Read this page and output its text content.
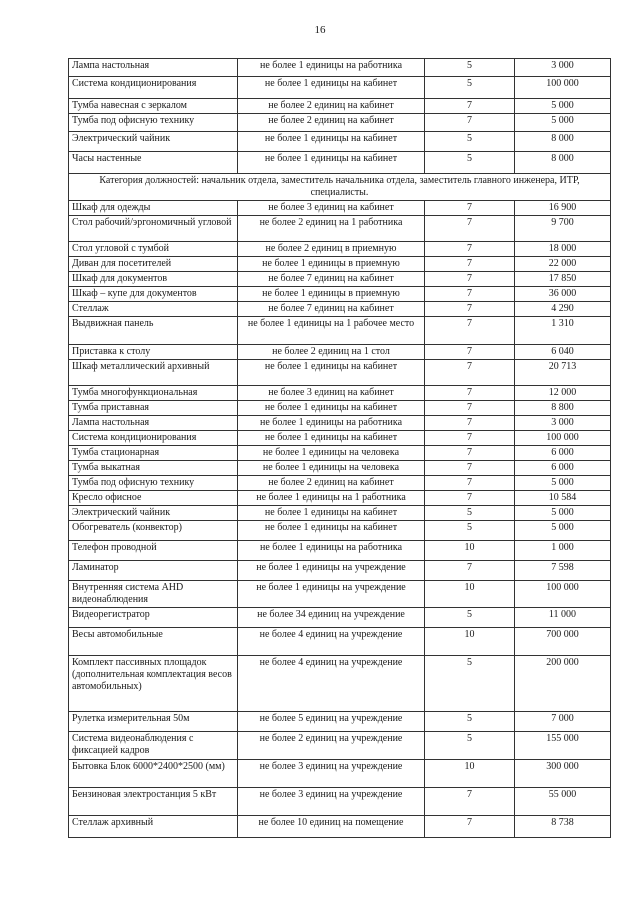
16
Лампа настольная	не более 1 единицы на работника	5	3 000
Система кондиционирования	не более 1 единицы на кабинет	5	100 000
Тумба навесная с зеркалом	не более 2 единиц на кабинет	7	5 000
Тумба под офисную технику	не более 2 единиц на кабинет	7	5 000
Электрический чайник	не более 1 единицы на кабинет	5	8 000
Часы настенные	не более 1 единицы на кабинет	5	8 000
Категория должностей: начальник отдела, заместитель начальника отдела, заместитель главного инженера, ИТР, специалисты.			
Шкаф для одежды	не более 3 единиц на кабинет	7	16 900
Стол рабочий/эргономичный угловой	не более 2 единиц на 1 работника	7	9 700
Стол угловой с тумбой	не более 2 единиц в приемную	7	18 000
Диван для посетителей	не более 1 единицы в приемную	7	22 000
Шкаф для документов	не более 7 единиц на кабинет	7	17 850
Шкаф – купе для документов	не более 1 единицы в приемную	7	36 000
Стеллаж	не более 7 единиц на кабинет	7	4 290
Выдвижная панель	не более 1 единицы на 1 рабочее место	7	1 310
Приставка к столу	не более 2 единиц на 1 стол	7	6 040
Шкаф металлический архивный	не более 1 единицы на кабинет	7	20 713
Тумба многофункциональная	не более 3 единиц на кабинет	7	12 000
Тумба приставная	не более 1 единицы на кабинет	7	8 800
Лампа настольная	не более 1 единицы на работника	7	3 000
Система кондиционирования	не более 1 единицы на кабинет	7	100 000
Тумба стационарная	не более 1 единицы на человека	7	6 000
Тумба выкатная	не более 1 единицы на человека	7	6 000
Тумба под офисную технику	не более 2 единиц на кабинет	7	5 000
Кресло офисное	не более 1 единицы на 1 работника	7	10 584
Электрический чайник	не более 1 единицы на кабинет	5	5 000
Обогреватель (конвектор)	не более 1 единицы на кабинет	5	5 000
Телефон проводной	не более 1 единицы на работника	10	1 000
Ламинатор	не более 1 единицы на учреждение	7	7 598
Внутренняя система AHD видеонаблюдения	не более 1 единицы на учреждение	10	100 000
Видеорегистратор	не более 34 единиц на учреждение	5	11 000
Весы автомобильные	не более 4 единиц на учреждение	10	700 000
Комплект пассивных площадок (дополнительная комплектация весов автомобильных)	не более 4 единиц на учреждение	5	200 000
Рулетка измерительная 50м	не более 5 единиц на учреждение	5	7 000
Система видеонаблюдения с фиксацией кадров	не более 2 единиц на учреждение	5	155 000
Бытовка Блок 6000*2400*2500 (мм)	не более 3 единиц на учреждение	10	300 000
Бензиновая электростанция 5 кВт	не более 3 единиц на учреждение	7	55 000
Стеллаж архивный	не более 10 единиц на помещение	7	8 738
